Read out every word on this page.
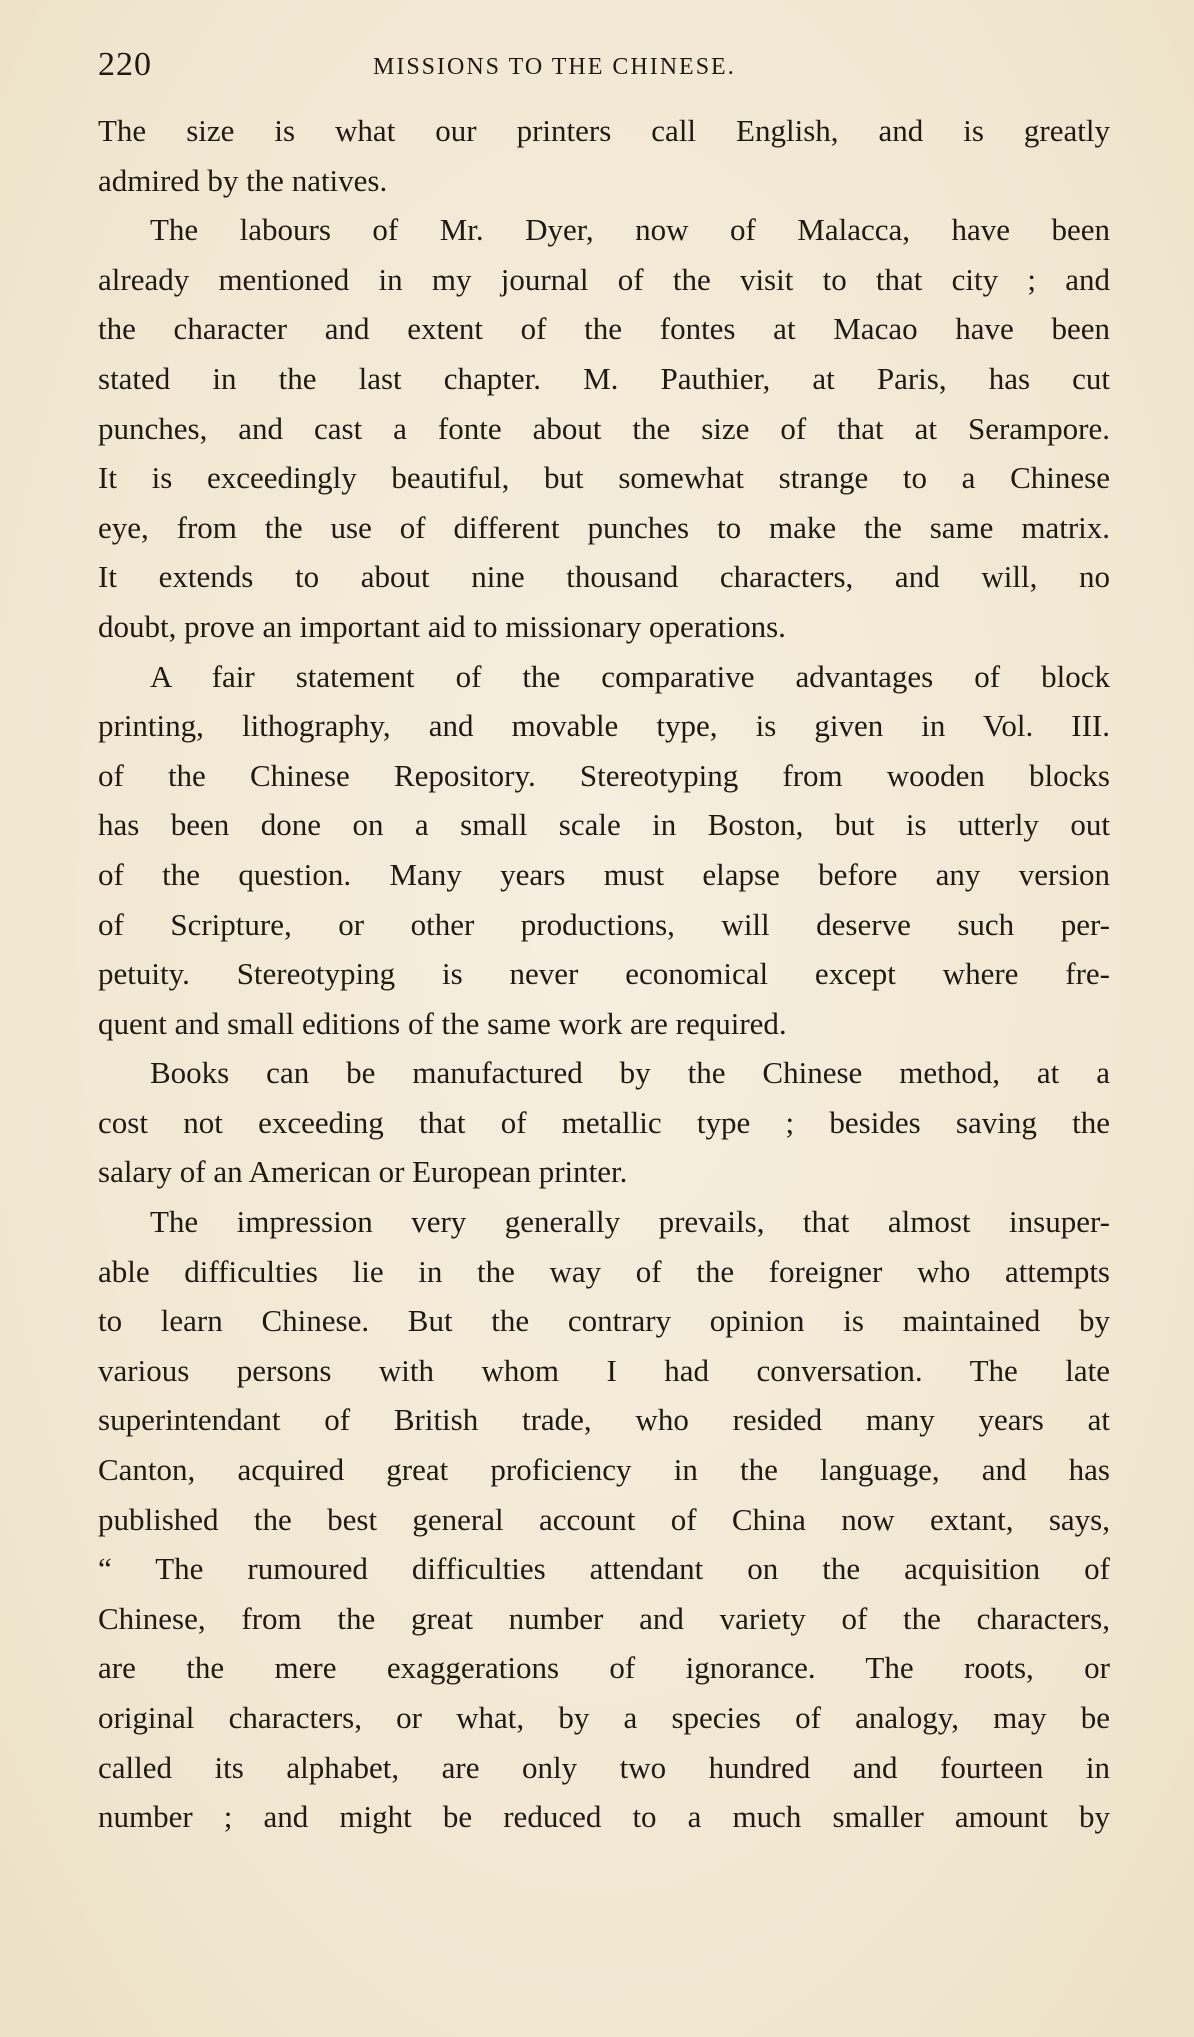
220	MISSIONS TO THE CHINESE.
The size is what our printers call English, and is greatly
admired by the natives.
The labours of Mr. Dyer, now of Malacca, have been
already mentioned in my journal of the visit to that city ; and
the character and extent of the fontes at Macao have been
stated in the last chapter. M. Pauthier, at Paris, has cut
punches, and cast a fonte about the size of that at Serampore.
It is exceedingly beautiful, but somewhat strange to a Chinese
eye, from the use of different punches to make the same matrix.
It extends to about nine thousand characters, and will, no
doubt, prove an important aid to missionary operations.
A fair statement of the comparative advantages of block
printing, lithography, and movable type, is given in Vol. III.
of the Chinese Repository. Stereotyping from wooden blocks
has been done on a small scale in Boston, but is utterly out
of the question. Many years must elapse before any version
of Scripture, or other productions, will deserve such per-
petuity. Stereotyping is never economical except where fre-
quent and small editions of the same work are required.
Books can be manufactured by the Chinese method, at a
cost not exceeding that of metallic type ; besides saving the
salary of an American or European printer.
The impression very generally prevails, that almost insuper-
able difficulties lie in the way of the foreigner who attempts
to learn Chinese. But the contrary opinion is maintained by
various persons with whom I had conversation. The late
superintendant of British trade, who resided many years at
Canton, acquired great proficiency in the language, and has
published the best general account of China now extant, says,
“ The rumoured difficulties attendant on the acquisition of
Chinese, from the great number and variety of the characters,
are the mere exaggerations of ignorance. The roots, or
original characters, or what, by a species of analogy, may be
called its alphabet, are only two hundred and fourteen in
number ; and might be reduced to a much smaller amount by
